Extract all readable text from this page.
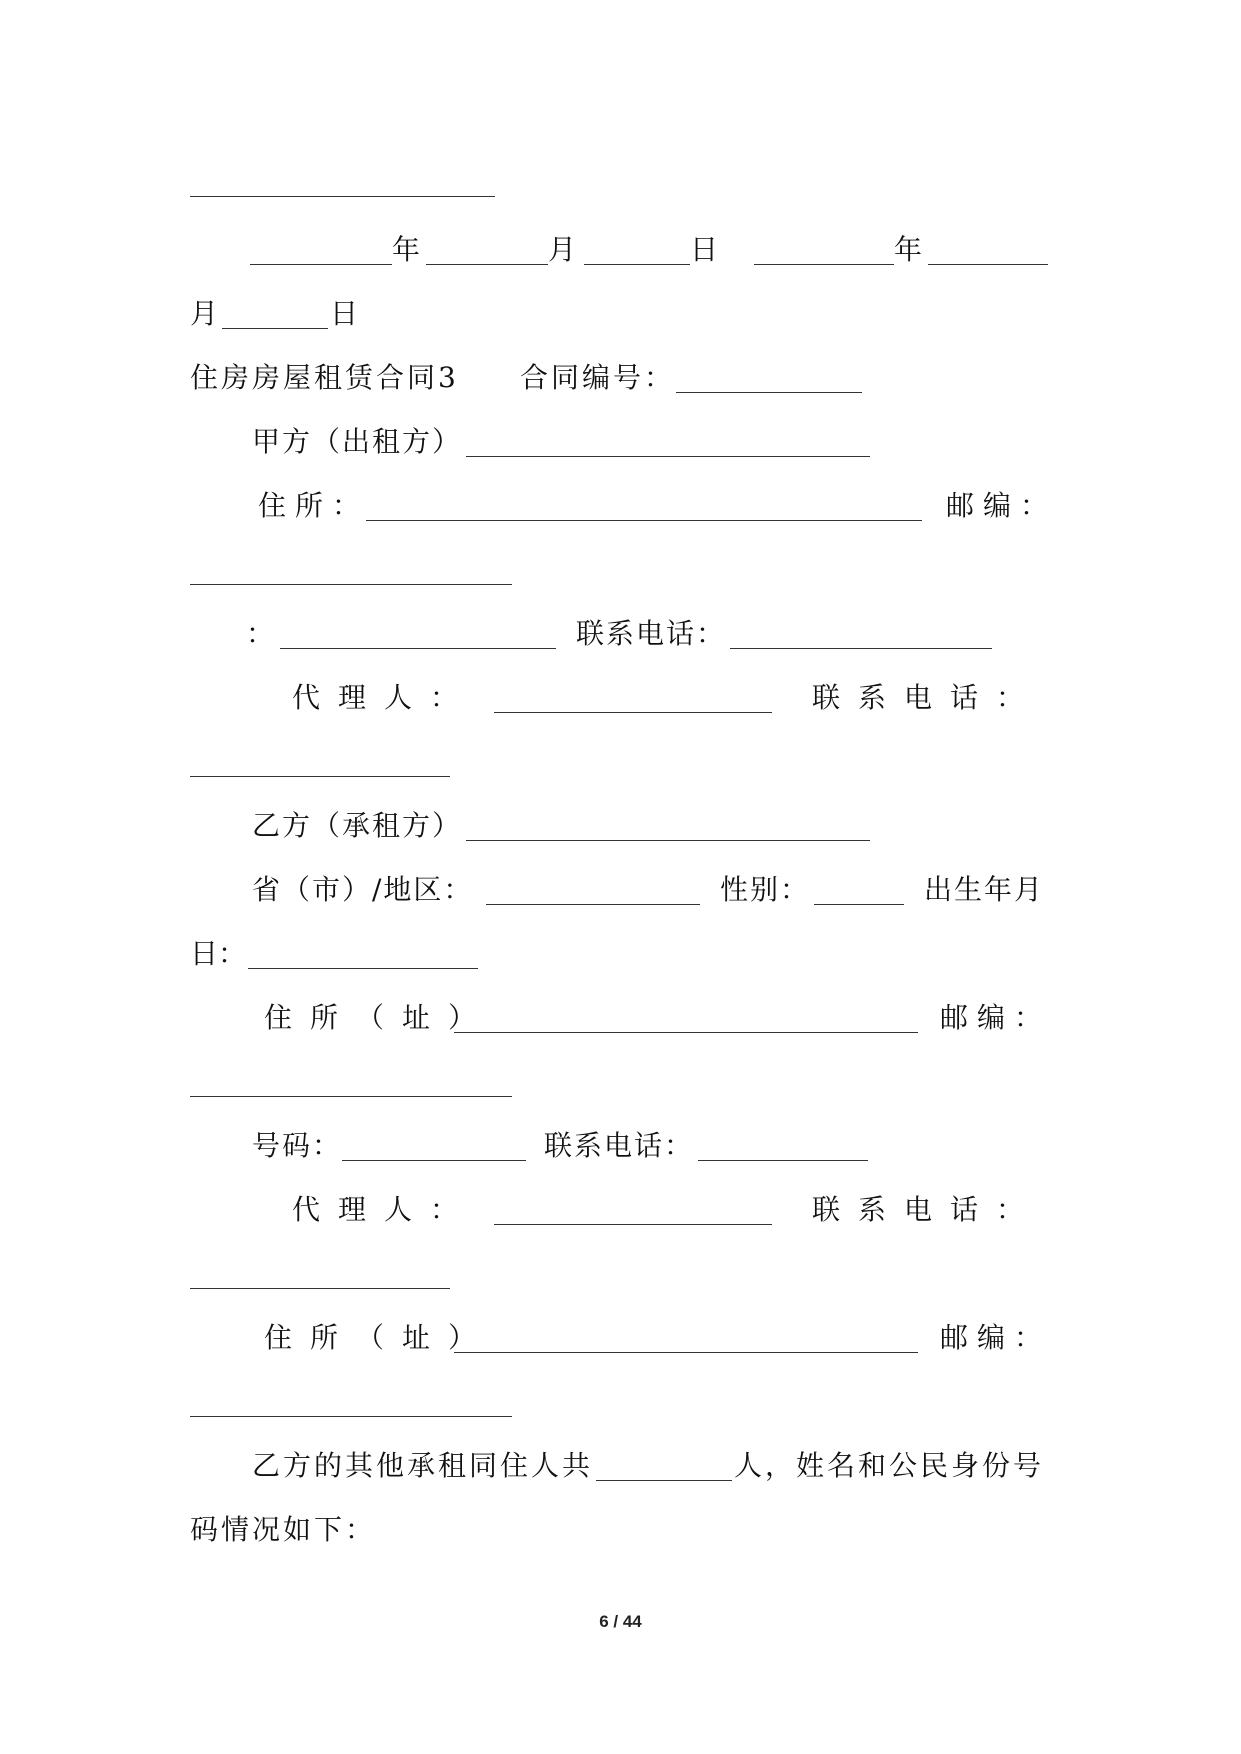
年	月	日	年
月	日
住房房屋租赁合同3 合同编号：
甲方（出租方）
住所：	邮编：
：	联系电话：
代理人：	联系电话：
乙方（承租方）
省（市）/地区：	性别：	出生年月
日：
住所（址）	邮编：
号码：	联系电话：
代理人：	联系电话：
住所（址）	邮编：
乙方的其他承租同住人共	人，姓名和公民身份号
码情况如下：
6 / 44
